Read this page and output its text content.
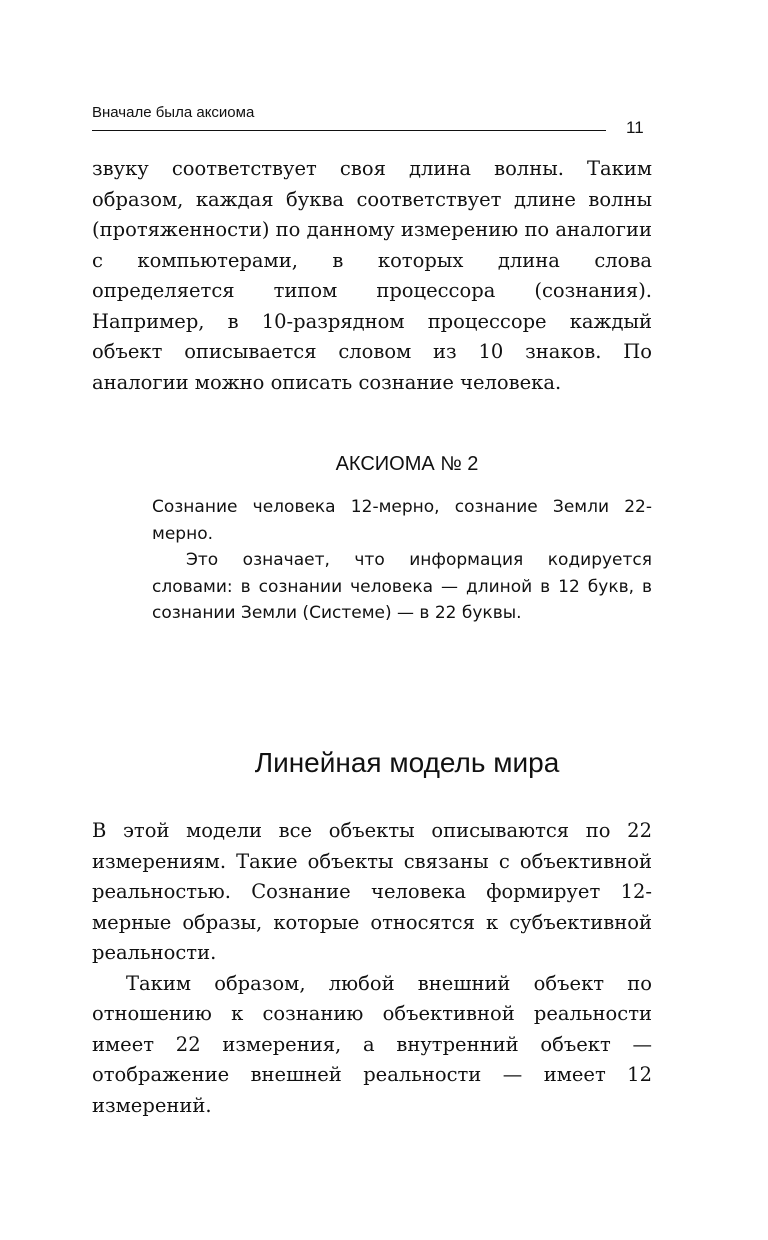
Вначале была аксиома
11

звуку соответствует своя длина волны. Таким образом, каждая буква соответствует длине волны (протяженности) по данному измерению по аналогии с компьютерами, в которых длина слова определяется типом процессора (сознания). Например, в 10-разрядном процессоре каждый объект описывается словом из 10 знаков. По аналогии можно описать сознание человека.

АКСИОМА № 2

Сознание человека 12-мерно, сознание Земли 22-мерно.

Это означает, что информация кодируется словами: в сознании человека — длиной в 12 букв, в сознании Земли (Системе) — в 22 буквы.

Линейная модель мира

В этой модели все объекты описываются по 22 измерениям. Такие объекты связаны с объективной реальностью. Сознание человека формирует 12-мерные образы, которые относятся к субъективной реальности.

Таким образом, любой внешний объект по отношению к сознанию объективной реальности имеет 22 измерения, а внутренний объект — отображение внешней реальности — имеет 12 измерений.
